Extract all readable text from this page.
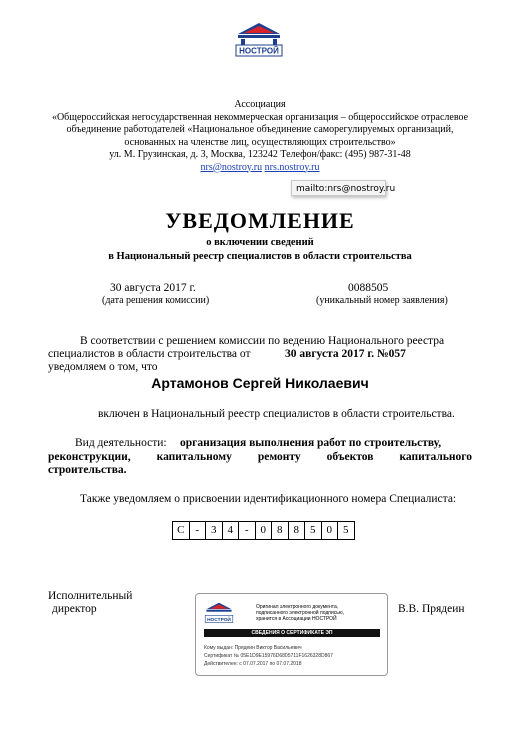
НОСТРОЙ
Ассоциация
«Общероссийская негосударственная некоммерческая организация – общероссийское отраслевое
объединение работодателей «Национальное объединение саморегулируемых организаций,
основанных на членстве лиц, осуществляющих строительство»
ул. М. Грузинская, д. 3, Москва, 123242 Телефон/факс: (495) 987-31-48
nrs@nostroy.ru nrs.nostroy.ru
mailto:nrs@nostroy.ru
УВЕДОМЛЕНИЕ
о включении сведений
в Национальный реестр специалистов в области строительства
30 августа 2017 г.
(дата решения комиссии)
0088505
(уникальный номер заявления)
В соответствии с решением комиссии по ведению Национального реестра
специалистов в области строительства от	30 августа 2017 г. №057
уведомляем о том, что
Артамонов Сергей Николаевич
включен в Национальный реестр специалистов в области строительства.
Вид деятельности: организация выполнения работ по строительству,
реконструкции, капитальному ремонту объектов капитального
строительства.
Также уведомляем о присвоении идентификационного номера Специалиста:
С -	3	4	-	0	8	8	5	0	5
Исполнительный
директор	В.В. Прядеин
НОСТРОЙ
Оригинал электронного документа,
подписанного электронной подписью,
хранится в Ассоциации НОСТРОЙ
СВЕДЕНИЯ О СЕРТИФИКАТЕ ЭП
Кому выдан: Прядеин Виктор Васильевич
Сертификат № 05E1D9E15976D6805711F1626328D867
Действителен: с 07.07.2017 по 07.07.2018
